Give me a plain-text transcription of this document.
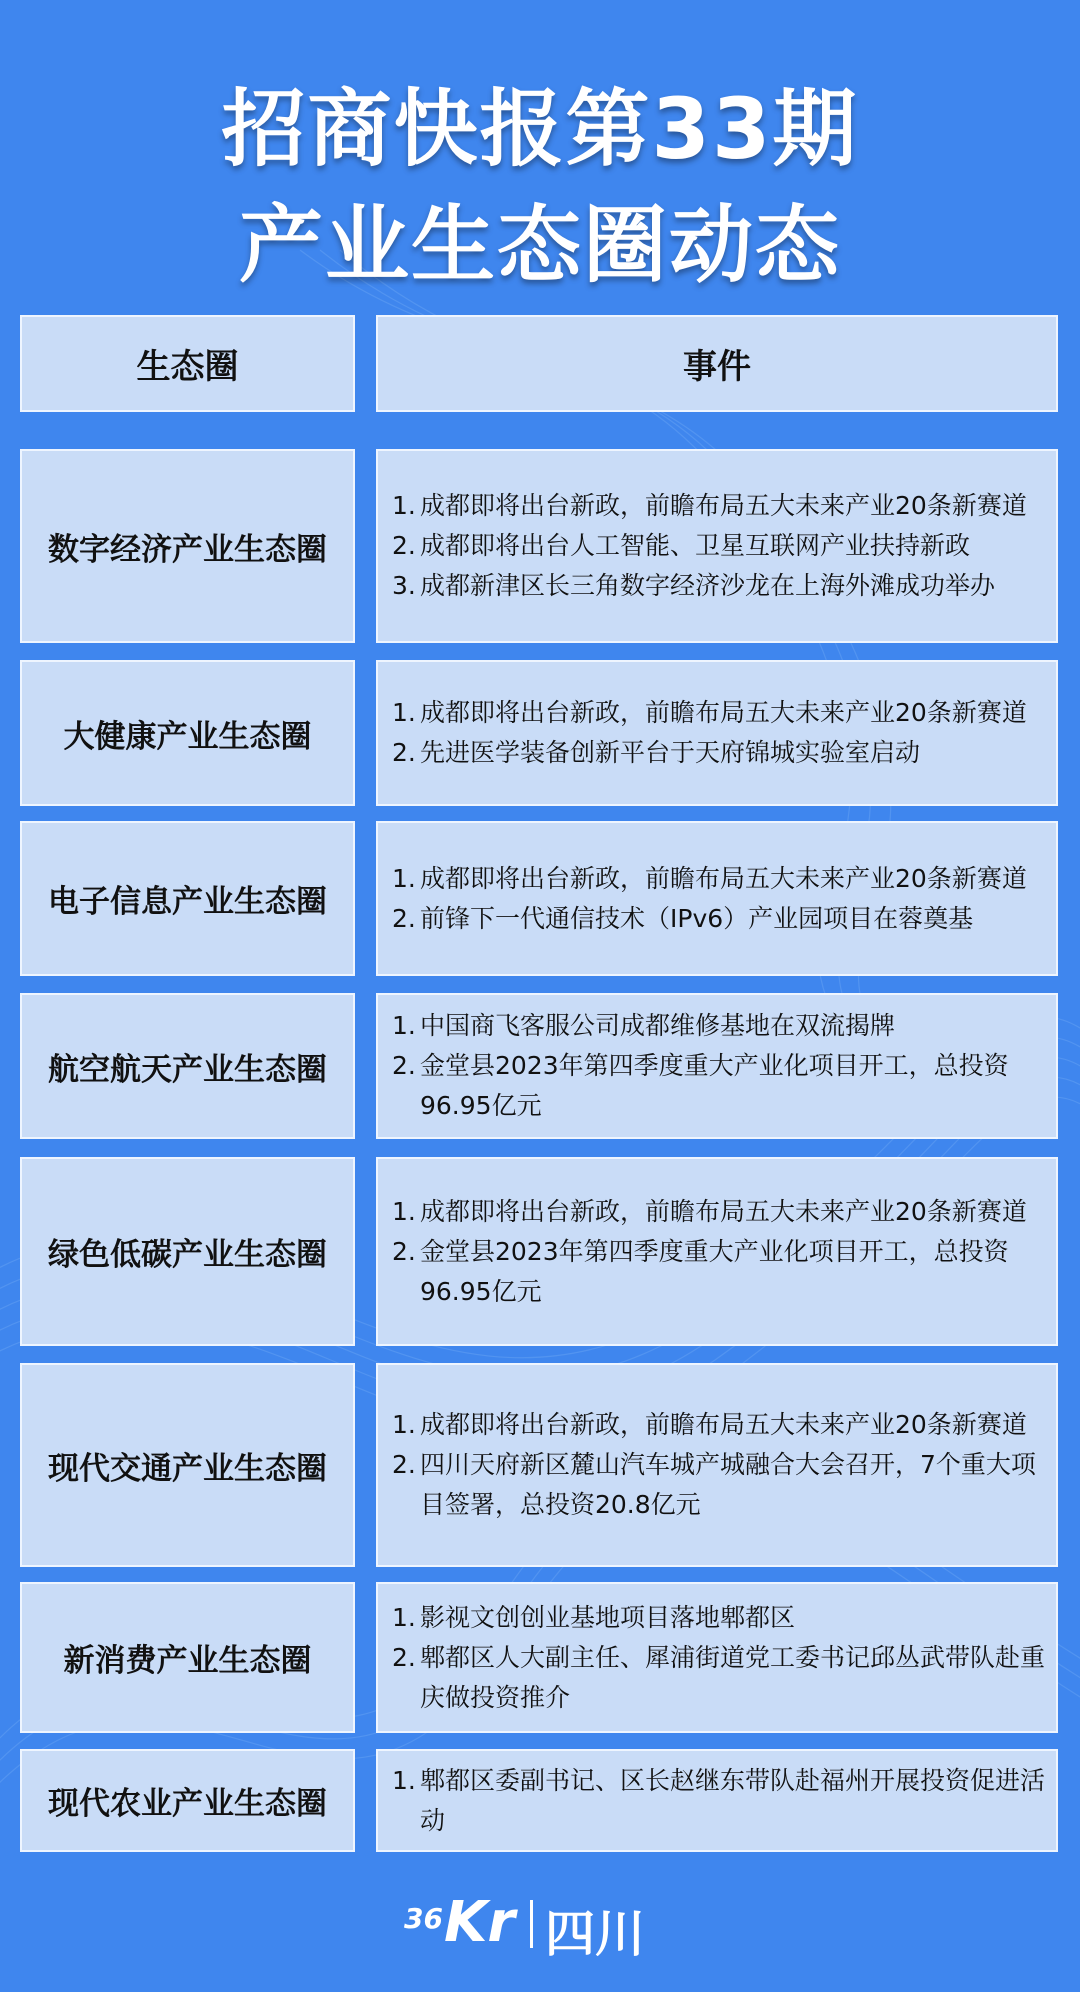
招商快报第33期
产业生态圈动态
生态圈	事件
数字经济产业生态圈
1. 成都即将出台新政，前瞻布局五大未来产业20条新赛道
2. 成都即将出台人工智能、卫星互联网产业扶持新政
3. 成都新津区长三角数字经济沙龙在上海外滩成功举办
大健康产业生态圈
1. 成都即将出台新政，前瞻布局五大未来产业20条新赛道
2. 先进医学装备创新平台于天府锦城实验室启动
电子信息产业生态圈
1. 成都即将出台新政，前瞻布局五大未来产业20条新赛道
2. 前锋下一代通信技术（IPv6）产业园项目在蓉奠基
航空航天产业生态圈
1. 中国商飞客服公司成都维修基地在双流揭牌
2. 金堂县2023年第四季度重大产业化项目开工，总投资96.95亿元
绿色低碳产业生态圈
1. 成都即将出台新政，前瞻布局五大未来产业20条新赛道
2. 金堂县2023年第四季度重大产业化项目开工，总投资96.95亿元
现代交通产业生态圈
1. 成都即将出台新政，前瞻布局五大未来产业20条新赛道
2. 四川天府新区麓山汽车城产城融合大会召开，7个重大项目签署，总投资20.8亿元
新消费产业生态圈
1. 影视文创创业基地项目落地郫都区
2. 郫都区人大副主任、犀浦街道党工委书记邱丛武带队赴重庆做投资推介
现代农业产业生态圈
1. 郫都区委副书记、区长赵继东带队赴福州开展投资促进活动
36 Kr 四川
